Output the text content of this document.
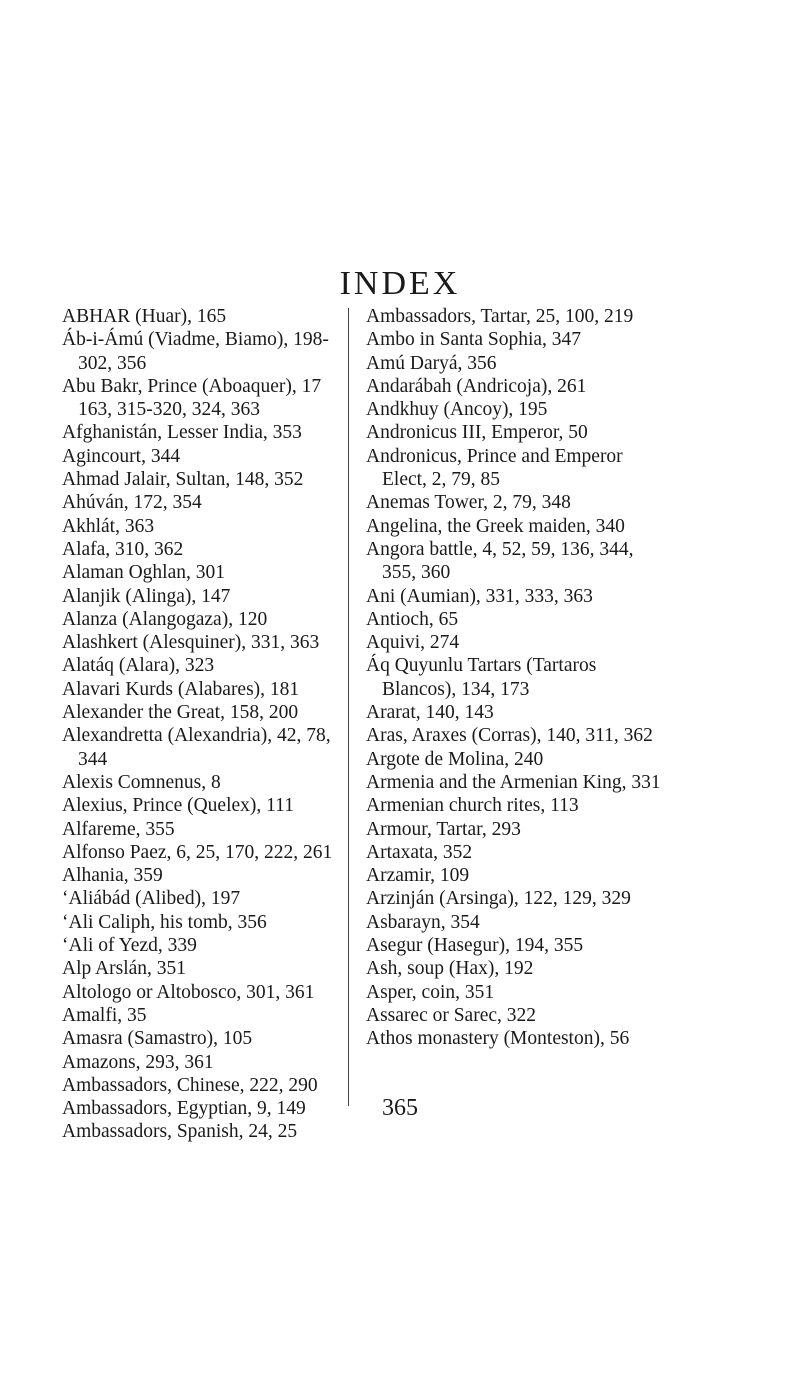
INDEX
ABHAR (Huar), 165
Áb-i-Ámú (Viadme, Biamo), 198-302, 356
Abu Bakr, Prince (Aboaquer), 17 163, 315-320, 324, 363
Afghanistán, Lesser India, 353
Agincourt, 344
Ahmad Jalair, Sultan, 148, 352
Ahúván, 172, 354
Akhlát, 363
Alafa, 310, 362
Alaman Oghlan, 301
Alanjik (Alinga), 147
Alanza (Alangogaza), 120
Alashkert (Alesquiner), 331, 363
Alatáq (Alara), 323
Alavari Kurds (Alabares), 181
Alexander the Great, 158, 200
Alexandretta (Alexandria), 42, 78, 344
Alexis Comnenus, 8
Alexius, Prince (Quelex), 111
Alfareme, 355
Alfonso Paez, 6, 25, 170, 222, 261
Alhania, 359
‘Aliábád (Alibed), 197
‘Ali Caliph, his tomb, 356
‘Ali of Yezd, 339
Alp Arslán, 351
Altologo or Altobosco, 301, 361
Amalfi, 35
Amasra (Samastro), 105
Amazons, 293, 361
Ambassadors, Chinese, 222, 290
Ambassadors, Egyptian, 9, 149
Ambassadors, Spanish, 24, 25
Ambassadors, Tartar, 25, 100, 219
Ambo in Santa Sophia, 347
Amú Daryá, 356
Andarábah (Andricoja), 261
Andkhuy (Ancoy), 195
Andronicus III, Emperor, 50
Andronicus, Prince and Emperor Elect, 2, 79, 85
Anemas Tower, 2, 79, 348
Angelina, the Greek maiden, 340
Angora battle, 4, 52, 59, 136, 344, 355, 360
Ani (Aumian), 331, 333, 363
Antioch, 65
Aquivi, 274
Áq Quyunlu Tartars (Tartaros Blancos), 134, 173
Ararat, 140, 143
Aras, Araxes (Corras), 140, 311, 362
Argote de Molina, 240
Armenia and the Armenian King, 331
Armenian church rites, 113
Armour, Tartar, 293
Artaxata, 352
Arzamir, 109
Arzinján (Arsinga), 122, 129, 329
Asbarayn, 354
Asegur (Hasegur), 194, 355
Ash, soup (Hax), 192
Asper, coin, 351
Assarec or Sarec, 322
Athos monastery (Monteston), 56

365
